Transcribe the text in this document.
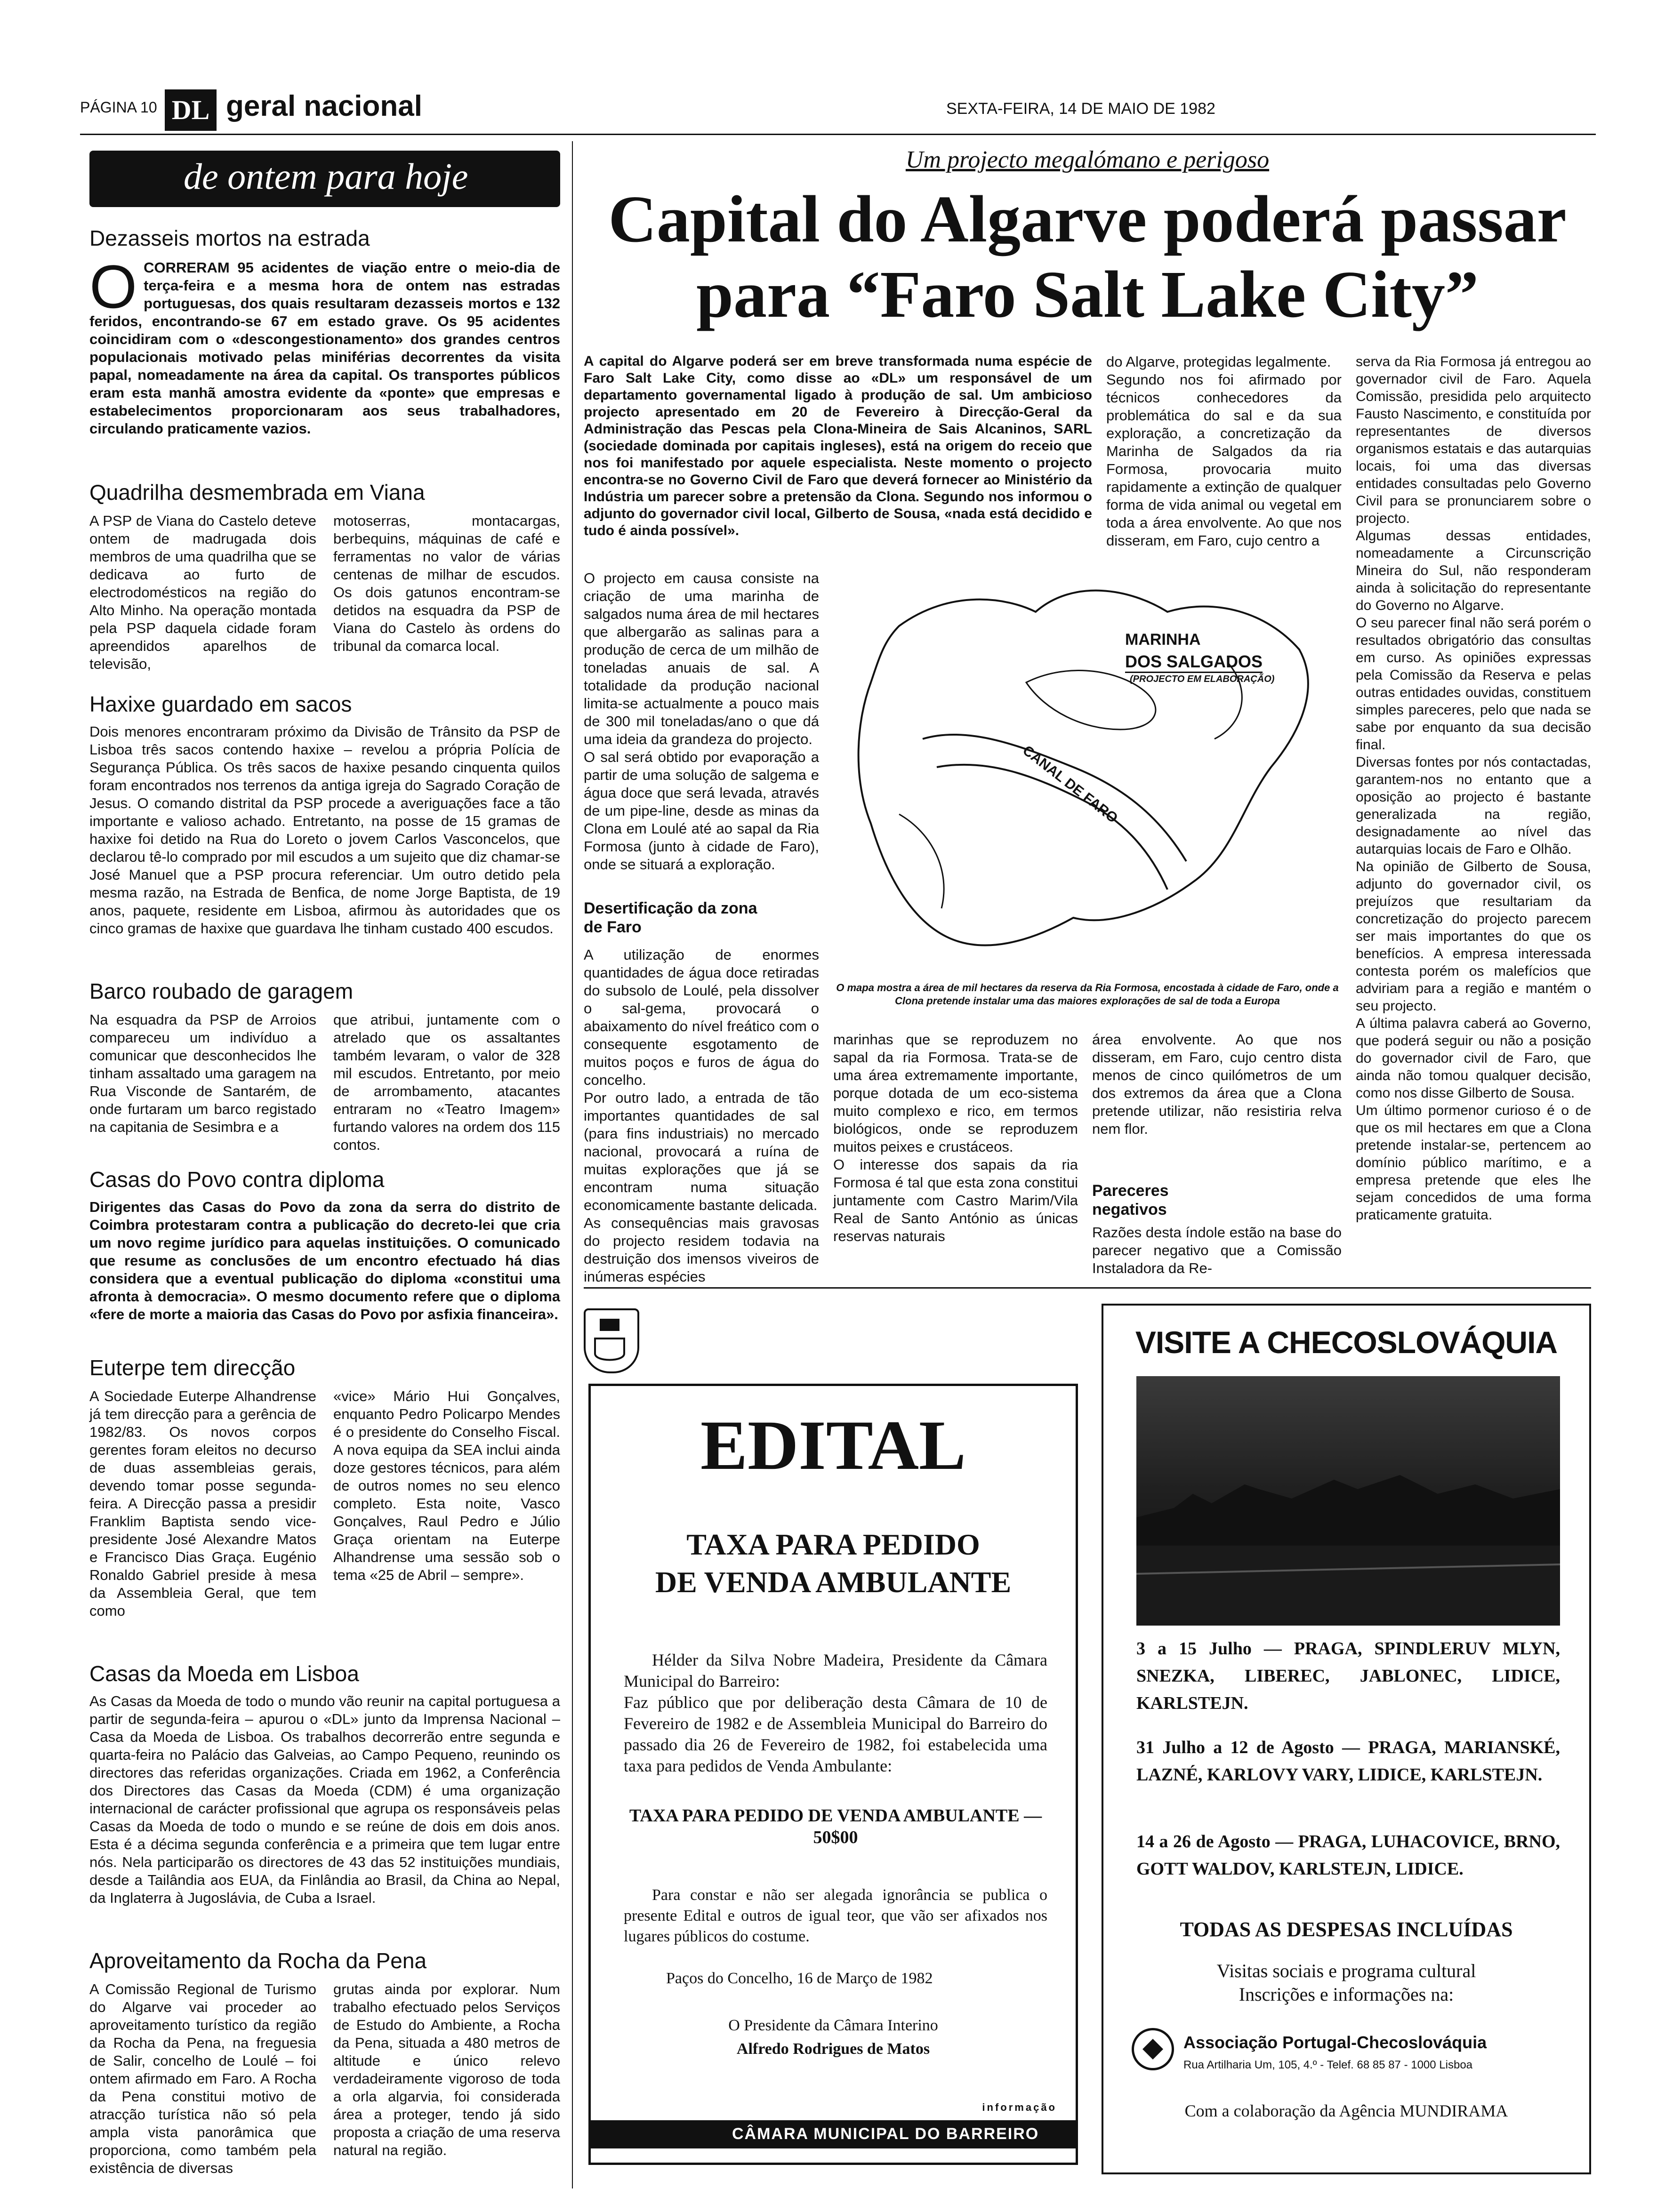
PÁGINA 10 DL geral nacional	SEXTA-FEIRA, 14 DE MAIO DE 1982
de ontem para hoje
Dezasseis mortos na estrada
O CORRERAM 95 acidentes de viação entre o meio-dia de terça-feira e a mesma hora de ontem nas estradas portuguesas, dos quais resultaram dezasseis mortos e 132 feridos, encontrando-se 67 em estado grave. Os 95 acidentes coincidiram com o «descongestionamento» dos grandes centros populacionais motivado pelas miniférias decorrentes da visita papal, nomeadamente na área da capital. Os transportes públicos eram esta manhã amostra evidente da «ponte» que empresas e estabelecimentos proporcionaram aos seus trabalhadores, circulando praticamente vazios.

Quadrilha desmembrada em Viana

A PSP de Viana do Castelo deteve ontem de madrugada dois membros de uma quadrilha que se dedicava ao furto de electrodomésticos na região do Alto Minho. Na operação montada pela PSP daquela cidade foram apreendidos aparelhos de televisão,

motoserras, montacargas, berbequins, máquinas de café e ferramentas no valor de várias centenas de milhar de escudos. Os dois gatunos encontram-se detidos na esquadra da PSP de Viana do Castelo às ordens do tribunal da comarca local.

Haxixe guardado em sacos

Dois menores encontraram próximo da Divisão de Trânsito da PSP de Lisboa três sacos contendo haxixe – revelou a própria Polícia de Segurança Pública. Os três sacos de haxixe pesando cinquenta quilos foram encontrados nos terrenos da antiga igreja do Sagrado Coração de Jesus. O comando distrital da PSP procede a averiguações face a tão importante e valioso achado. Entretanto, na posse de 15 gramas de haxixe foi detido na Rua do Loreto o jovem Carlos Vasconcelos, que declarou tê-lo comprado por mil escudos a um sujeito que diz chamar-se José Manuel que a PSP procura referenciar. Um outro detido pela mesma razão, na Estrada de Benfica, de nome Jorge Baptista, de 19 anos, paquete, residente em Lisboa, afirmou às autoridades que os cinco gramas de haxixe que guardava lhe tinham custado 400 escudos.

Barco roubado de garagem

Na esquadra da PSP de Arroios compareceu um indivíduo a comunicar que desconhecidos lhe tinham assaltado uma garagem na Rua Visconde de Santarém, de onde furtaram um barco registado na capitania de Sesimbra e a

que atribui, juntamente com o atrelado que os assaltantes também levaram, o valor de 328 mil escudos. Entretanto, por meio de arrombamento, atacantes entraram no «Teatro Imagem» furtando valores na ordem dos 115 contos.

Casas do Povo contra diploma

Dirigentes das Casas do Povo da zona da serra do distrito de Coimbra protestaram contra a publicação do decreto-lei que cria um novo regime jurídico para aquelas instituições. O comunicado que resume as conclusões de um encontro efectuado há dias considera que a eventual publicação do diploma «constitui uma afronta à democracia». O mesmo documento refere que o diploma «fere de morte a maioria das Casas do Povo por asfixia financeira».

Euterpe tem direcção

A Sociedade Euterpe Alhandrense já tem direcção para a gerência de 1982/83. Os novos corpos gerentes foram eleitos no decurso de duas assembleias gerais, devendo tomar posse segunda-feira. A Direcção passa a presidir Franklim Baptista sendo vice-presidente José Alexandre Matos e Francisco Dias Graça. Eugénio Ronaldo Gabriel preside à mesa da Assembleia Geral, que tem como

«vice» Mário Hui Gonçalves, enquanto Pedro Policarpo Mendes é o presidente do Conselho Fiscal. A nova equipa da SEA inclui ainda doze gestores técnicos, para além de outros nomes no seu elenco completo. Esta noite, Vasco Gonçalves, Raul Pedro e Júlio Graça orientam na Euterpe Alhandrense uma sessão sob o tema «25 de Abril – sempre».

Casas da Moeda em Lisboa

As Casas da Moeda de todo o mundo vão reunir na capital portuguesa a partir de segunda-feira – apurou o «DL» junto da Imprensa Nacional – Casa da Moeda de Lisboa. Os trabalhos decorrerão entre segunda e quarta-feira no Palácio das Galveias, ao Campo Pequeno, reunindo os directores das referidas organizações. Criada em 1962, a Conferência dos Directores das Casas da Moeda (CDM) é uma organização internacional de carácter profissional que agrupa os responsáveis pelas Casas da Moeda de todo o mundo e se reúne de dois em dois anos. Esta é a décima segunda conferência e a primeira que tem lugar entre nós. Nela participarão os directores de 43 das 52 instituições mundiais, desde a Tailândia aos EUA, da Finlândia ao Brasil, da China ao Nepal, da Inglaterra à Jugoslávia, de Cuba a Israel.

Aproveitamento da Rocha da Pena

A Comissão Regional de Turismo do Algarve vai proceder ao aproveitamento turístico da região da Rocha da Pena, na freguesia de Salir, concelho de Loulé – foi ontem afirmado em Faro. A Rocha da Pena constitui motivo de atracção turística não só pela ampla vista panorâmica que proporciona, como também pela existência de diversas

grutas ainda por explorar. Num trabalho efectuado pelos Serviços de Estudo do Ambiente, a Rocha da Pena, situada a 480 metros de altitude e único relevo verdadeiramente vigoroso de toda a orla algarvia, foi considerada área a proteger, tendo já sido proposta a criação de uma reserva natural na região.

Um projecto megalómano e perigoso
Capital do Algarve poderá passar
para “Faro Salt Lake City”

A capital do Algarve poderá ser em breve transformada numa espécie de Faro Salt Lake City, como disse ao «DL» um responsável de um departamento governamental ligado à produção de sal. Um ambicioso projecto apresentado em 20 de Fevereiro à Direcção-Geral da Administração das Pescas pela Clona-Mineira de Sais Alcaninos, SARL (sociedade dominada por capitais ingleses), está na origem do receio que nos foi manifestado por aquele especialista. Neste momento o projecto encontra-se no Governo Civil de Faro que deverá fornecer ao Ministério da Indústria um parecer sobre a pretensão da Clona. Segundo nos informou o adjunto do governador civil local, Gilberto de Sousa, «nada está decidido e tudo é ainda possível».

do Algarve, protegidas legalmente.
Segundo nos foi afirmado por técnicos conhecedores da problemática do sal e da sua exploração, a concretização da Marinha de Salgados da ria Formosa, provocaria muito rapidamente a extinção de qualquer forma de vida animal ou vegetal em toda a área envolvente. Ao que nos disseram, em Faro, cujo centro a

serva da Ria Formosa já entregou ao governador civil de Faro. Aquela Comissão, presidida pelo arquitecto Fausto Nascimento, e constituída por representantes de diversos organismos estatais e das autarquias locais, foi uma das diversas entidades consultadas pelo Governo Civil para se pronunciarem sobre o projecto.
Algumas dessas entidades, nomeadamente a Circunscrição Mineira do Sul, não responderam ainda à solicitação do representante do Governo no Algarve.
O seu parecer final não será porém o resultados obrigatório das consultas em curso. As opiniões expressas pela Comissão da Reserva e pelas outras entidades ouvidas, constituem simples pareceres, pelo que nada se sabe por enquanto da sua decisão final.
Diversas fontes por nós contactadas, garantem-nos no entanto que a oposição ao projecto é bastante generalizada na região, designadamente ao nível das autarquias locais de Faro e Olhão.
Na opinião de Gilberto de Sousa, adjunto do governador civil, os prejuízos que resultariam da concretização do projecto parecem ser mais importantes do que os benefícios. A empresa interessada contesta porém os malefícios que adviriam para a região e mantém o seu projecto.
A última palavra caberá ao Governo, que poderá seguir ou não a posição do governador civil de Faro, que ainda não tomou qualquer decisão, como nos disse Gilberto de Sousa.
Um último pormenor curioso é o de que os mil hectares em que a Clona pretende instalar-se, pertencem ao domínio público marítimo, e a empresa pretende que eles lhe sejam concedidos de uma forma praticamente gratuita.

O projecto em causa consiste na criação de uma marinha de salgados numa área de mil hectares que albergarão as salinas para a produção de cerca de um milhão de toneladas anuais de sal. A totalidade da produção nacional limita-se actualmente a pouco mais de 300 mil toneladas/ano o que dá uma ideia da grandeza do projecto.
O sal será obtido por evaporação a partir de uma solução de salgema e água doce que será levada, através de um pipe-line, desde as minas da Clona em Loulé até ao sapal da Ria Formosa (junto à cidade de Faro), onde se situará a exploração.

Desertificação da zona de Faro

A utilização de enormes quantidades de água doce retiradas do subsolo de Loulé, pela dissolver o sal-gema, provocará o abaixamento do nível freático com o consequente esgotamento de muitos poços e furos de água do concelho.
Por outro lado, a entrada de tão importantes quantidades de sal (para fins industriais) no mercado nacional, provocará a ruína de muitas explorações que já se encontram numa situação economicamente bastante delicada.
As consequências mais gravosas do projecto residem todavia na destruição dos imensos viveiros de inúmeras espécies

MARINHA
DOS SALGADOS
(PROJECTO EM ELABORAÇÃO)
CANAL DE FARO

O mapa mostra a área de mil hectares da reserva da Ria Formosa, encostada à cidade de Faro, onde a Clona pretende instalar uma das maiores explorações de sal de toda a Europa

marinhas que se reproduzem no sapal da ria Formosa. Trata-se de uma área extremamente importante, porque dotada de um eco-sistema muito complexo e rico, em termos biológicos, onde se reproduzem muitos peixes e crustáceos.
O interesse dos sapais da ria Formosa é tal que esta zona constitui juntamente com Castro Marim/Vila Real de Santo António as únicas reservas naturais

área envolvente. Ao que nos disseram, em Faro, cujo centro dista menos de cinco quilómetros de um dos extremos da área que a Clona pretende utilizar, não resistiria relva nem flor.

Pareceres negativos

Razões desta índole estão na base do parecer negativo que a Comissão Instaladora da Re-

EDITAL
TAXA PARA PEDIDO
DE VENDA AMBULANTE

Hélder da Silva Nobre Madeira, Presidente da Câmara Municipal do Barreiro:
Faz público que por deliberação desta Câmara de 10 de Fevereiro de 1982 e de Assembleia Municipal do Barreiro do passado dia 26 de Fevereiro de 1982, foi estabelecida uma taxa para pedidos de Venda Ambulante:

TAXA PARA PEDIDO DE VENDA AMBULANTE — 50$00

Para constar e não ser alegada ignorância se publica o presente Edital e outros de igual teor, que vão ser afixados nos lugares públicos do costume.

Paços do Concelho, 16 de Março de 1982

O Presidente da Câmara Interino

Alfredo Rodrigues de Matos

informação
CÂMARA MUNICIPAL DO BARREIRO
VISITE A CHECOSLOVÁQUIA

3 a 15 Julho — PRAGA, SPINDLERUV MLYN, SNEZKA, LIBEREC, JABLONEC, LIDICE, KARLSTEJN.

31 Julho a 12 de Agosto — PRAGA, MARIANSKÉ, LAZNÉ, KARLOVY VARY, LIDICE, KARLSTEJN.

14 a 26 de Agosto — PRAGA, LUHACOVICE, BRNO, GOTT WALDOV, KARLSTEJN, LIDICE.

TODAS AS DESPESAS INCLUÍDAS
Visitas sociais e programa cultural
Inscrições e informações na:
Associação Portugal-Checoslováquia
Rua Artilharia Um, 105, 4.º - Telef. 68 85 87 - 1000 Lisboa
Com a colaboração da Agência MUNDIRAMA
